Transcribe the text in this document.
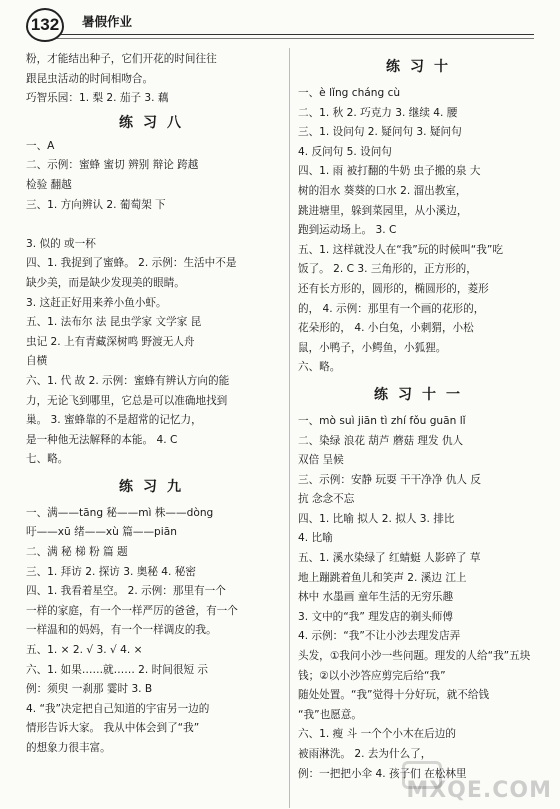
132	暑假作业
粉，才能结出种子，它们开花的时间往往
跟昆虫活动的时间相吻合。
巧智乐园：1. 梨 2. 茄子 3. 藕
练习八
一、A
二、示例：蜜蜂 蜜切 辨别 辩论 跨越
检验 翻越
三、1. 方向辨认 2. 葡萄架 下
3. 似的 或一杯
四、1. 我捉到了蜜蜂。 2. 示例：生活中不是
缺少美，而是缺少发现美的眼睛。
3. 这赶正好用来养小鱼小虾。
五、1. 法布尔 法 昆虫学家 文学家 昆
虫记 2. 上有青藏深树鸣 野渡无人舟
自横
六、1. 代 故 2. 示例：蜜蜂有辨认方向的能
力，无论飞到哪里，它总是可以准确地找到
巢。 3. 蜜蜂靠的不是超常的记忆力，
是一种他无法解释的本能。 4. C
七、略。
练习九
一、满——tāng 秘——mì 株——dòng
吁——xū 绪——xù 篇——piān
二、满 秘 梯 粉 篇 题
三、1. 拜访 2. 探访 3. 奥秘 4. 秘密
四、1. 我看着星空。 2. 示例：那里有一个
一样的家庭，有一个一样严厉的爸爸，有一个
一样温和的妈妈，有一个一样调皮的我。
五、1. × 2. √ 3. √ 4. ×
六、1. 如果……就…… 2. 时间很短 示
例：须臾 一刹那 霎时 3. B
4. “我”决定把自己知道的宇宙另一边的
情形告诉大家。 我从中体会到了“我”
的想象力很丰富。
练习十
一、è lǐng cháng cù
二、1. 秋 2. 巧克力 3. 继续 4. 腰
三、1. 设问句 2. 疑问句 3. 疑问句
4. 反问句 5. 设问句
四、1. 雨 被打翻的牛奶 虫子搬的泉 大
树的泪水 葵葵的口水 2. 溜出教室，
跳进塘里，躲到菜园里，从小溪边，
跑到运动场上。 3. C
五、1. 这样就没人在“我”玩的时候叫“我”吃
饭了。 2. C 3. 三角形的，正方形的，
还有长方形的，圆形的，椭圆形的，菱形
的， 4. 示例：那里有一个画的花形的，
花朵形的， 4. 小白兔，小刺猬，小松
鼠，小鸭子，小鳄鱼，小狐狸。
六、略。
练习十一
一、mò suì jiān tì zhí fǒu guān lǐ
二、染绿 浪花 葫芦 蘑菇 理发 仇人
双倍 呈候
三、示例：安静 玩耍 干干净净 仇人 反
抗 念念不忘
四、1. 比喻 拟人 2. 拟人 3. 排比
4. 比喻
五、1. 溪水染绿了 红蜻蜓 人影碎了 草
地上蹦跳着鱼儿和笑声 2. 溪边 江上
林中 水墨画 童年生活的无穷乐趣
3. 文中的“我” 理发店的剃头师傅
4. 示例：“我”不让小沙去理发店弄
头发，①我问小沙一些问题。理发的人给“我”五块
钱；②以小沙答应剪完后给“我”
随处处置。“我”觉得十分好玩，就不给钱
“我”也愿意。
六、1. 瘦 斗 一个个小木在后边的
被雨淋洗。 2. 去为什么了，
例：一把把小伞 4. 孩子们 在松林里
MXQE.COM
